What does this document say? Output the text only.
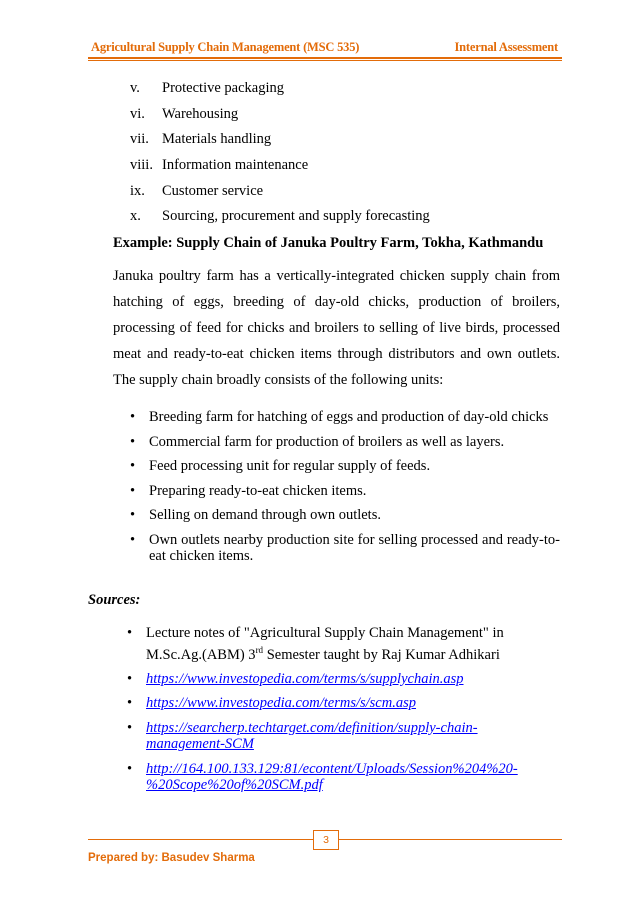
Agricultural Supply Chain Management (MSC 535)	Internal Assessment
v.	Protective packaging
vi.	Warehousing
vii. Materials handling
viii. Information maintenance
ix.	Customer service
x.	Sourcing, procurement and supply forecasting
Example: Supply Chain of Januka Poultry Farm, Tokha, Kathmandu

Januka poultry farm has a vertically-integrated chicken supply chain from hatching of eggs, breeding of day-old chicks, production of broilers, processing of feed for chicks and broilers to selling of live birds, processed meat and ready-to-eat chicken items through distributors and own outlets. The supply chain broadly consists of the following units:

• Breeding farm for hatching of eggs and production of day-old chicks
• Commercial farm for production of broilers as well as layers.
• Feed processing unit for regular supply of feeds.
• Preparing ready-to-eat chicken items.
• Selling on demand through own outlets.
• Own outlets nearby production site for selling processed and ready-to-eat chicken items.
Sources:
• Lecture notes of "Agricultural Supply Chain Management" in M.Sc.Ag.(ABM) 3rd Semester taught by Raj Kumar Adhikari
• https://www.investopedia.com/terms/s/supplychain.asp
• https://www.investopedia.com/terms/s/scm.asp
• https://searcherp.techtarget.com/definition/supply-chain-management-SCM
• http://164.100.133.129:81/econtent/Uploads/Session%204%20-%20Scope%20of%20SCM.pdf
3
Prepared by: Basudev Sharma
